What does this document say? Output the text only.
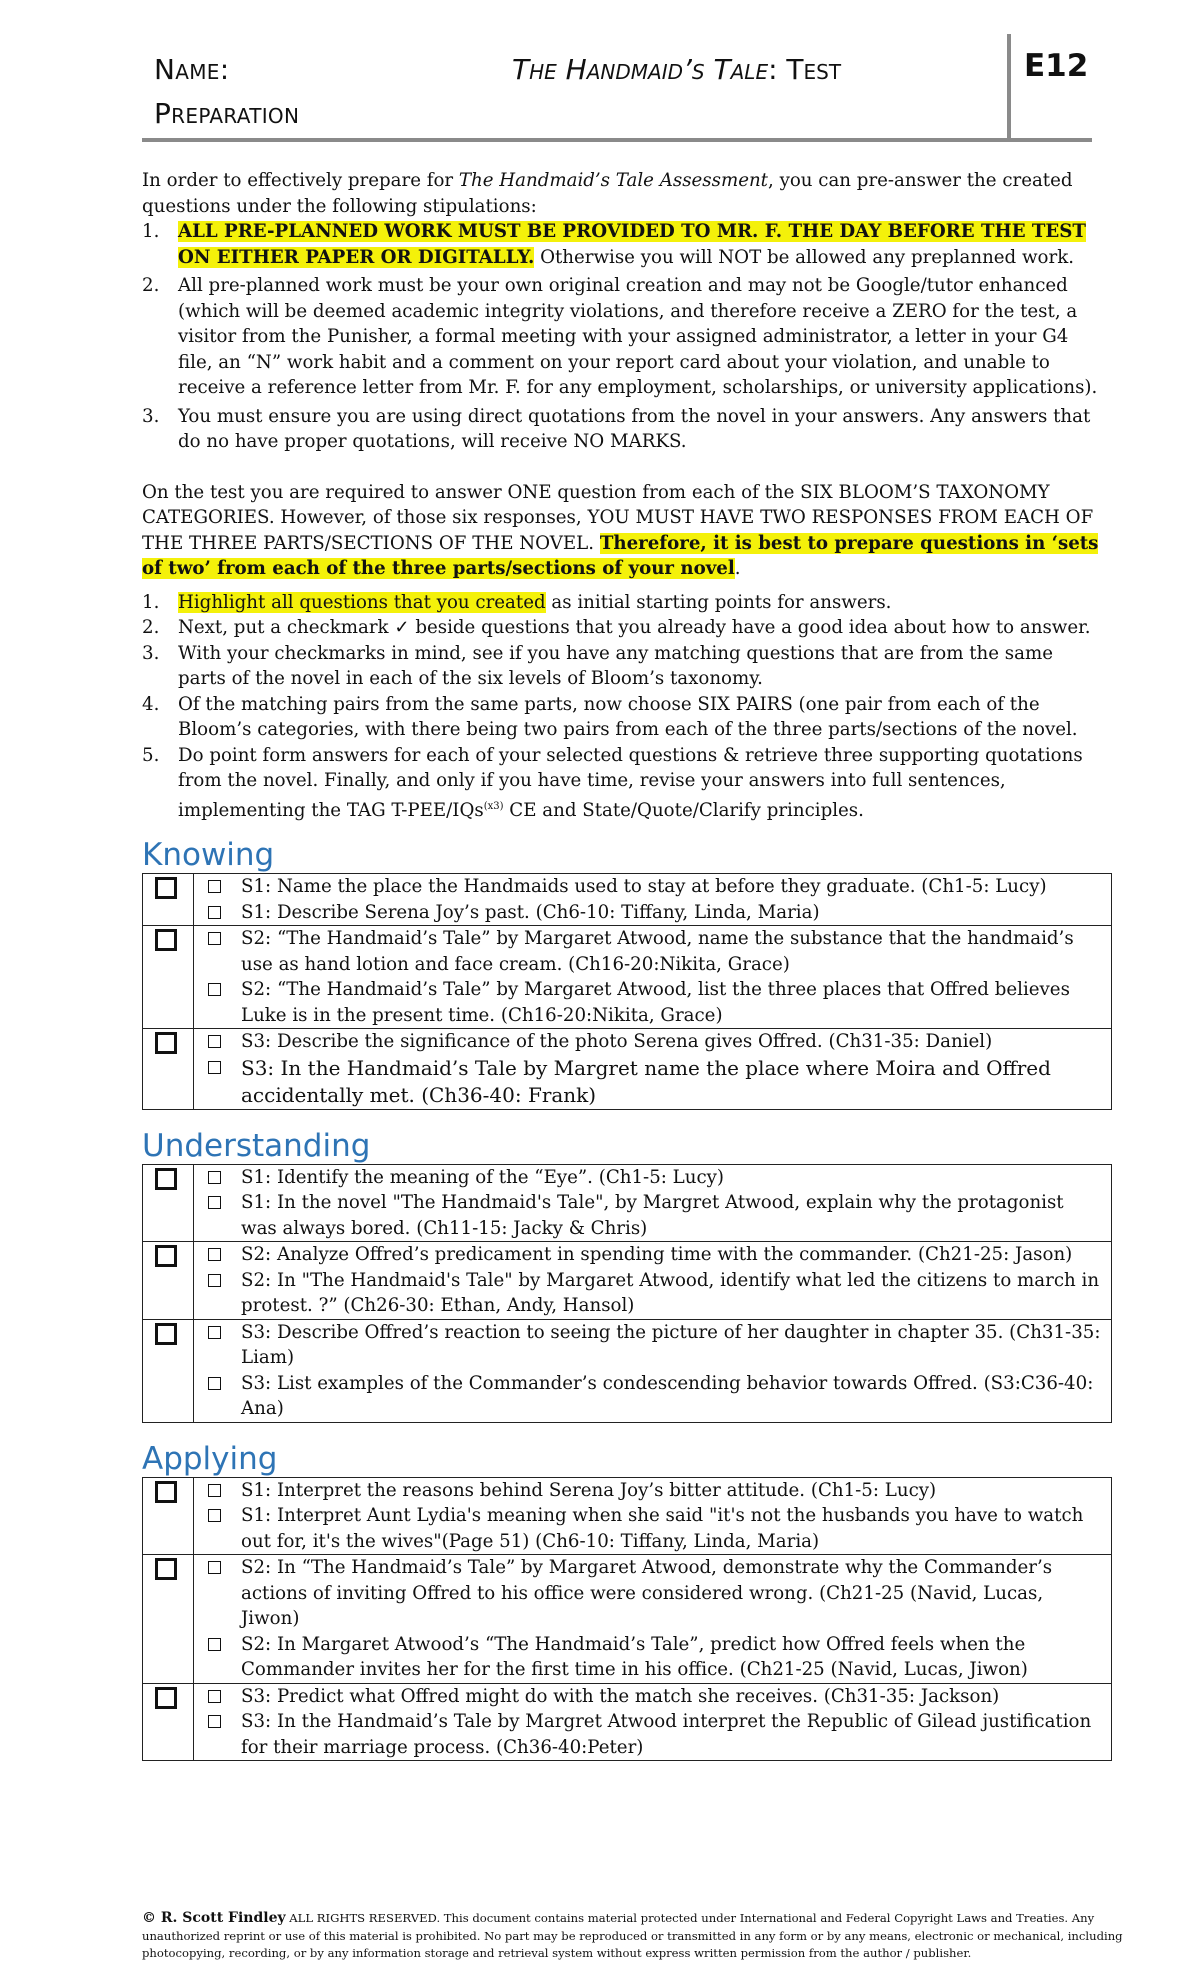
Name:
Preparation
The Handmaid’s Tale: Test	E12

In order to effectively prepare for The Handmaid’s Tale Assessment, you can pre-answer the created questions under the following stipulations:

1. ALL PRE-PLANNED WORK MUST BE PROVIDED TO MR. F. THE DAY BEFORE THE TEST ON EITHER PAPER OR DIGITALLY. Otherwise you will NOT be allowed any preplanned work.
2. All pre-planned work must be your own original creation and may not be Google/tutor enhanced (which will be deemed academic integrity violations, and therefore receive a ZERO for the test, a visitor from the Punisher, a formal meeting with your assigned administrator, a letter in your G4 file, an “N” work habit and a comment on your report card about your violation, and unable to receive a reference letter from Mr. F. for any employment, scholarships, or university applications).
3. You must ensure you are using direct quotations from the novel in your answers. Any answers that do no have proper quotations, will receive NO MARKS.

On the test you are required to answer ONE question from each of the SIX BLOOM’S TAXONOMY CATEGORIES. However, of those six responses, YOU MUST HAVE TWO RESPONSES FROM EACH OF THE THREE PARTS/SECTIONS OF THE NOVEL. Therefore, it is best to prepare questions in ‘sets of two’ from each of the three parts/sections of your novel.

1. Highlight all questions that you created as initial starting points for answers.
2. Next, put a checkmark ✓ beside questions that you already have a good idea about how to answer.
3. With your checkmarks in mind, see if you have any matching questions that are from the same parts of the novel in each of the six levels of Bloom’s taxonomy.
4. Of the matching pairs from the same parts, now choose SIX PAIRS (one pair from each of the Bloom’s categories, with there being two pairs from each of the three parts/sections of the novel.
5. Do point form answers for each of your selected questions & retrieve three supporting quotations from the novel. Finally, and only if you have time, revise your answers into full sentences, implementing the TAG T-PEE/IQs$^{(x3)}$ CE and State/Quote/Clarify principles.
Knowing

S1: Name the place the Handmaids used to stay at before they graduate. (Ch1-5: Lucy)
S1: Describe Serena Joy’s past. (Ch6-10: Tiffany, Linda, Maria)

S2: “The Handmaid’s Tale” by Margaret Atwood, name the substance that the handmaid’s use as hand lotion and face cream. (Ch16-20:Nikita, Grace)
S2: “The Handmaid’s Tale” by Margaret Atwood, list the three places that Offred believes Luke is in the present time. (Ch16-20:Nikita, Grace)

S3: Describe the significance of the photo Serena gives Offred. (Ch31-35: Daniel)
S3: In the Handmaid’s Tale by Margret name the place where Moira and Offred accidentally met. (Ch36-40: Frank)
Understanding

S1: Identify the meaning of the “Eye”. (Ch1-5: Lucy)
S1: In the novel "The Handmaid's Tale", by Margret Atwood, explain why the protagonist was always bored. (Ch11-15: Jacky & Chris)

S2: Analyze Offred’s predicament in spending time with the commander. (Ch21-25: Jason)
S2: In "The Handmaid's Tale" by Margaret Atwood, identify what led the citizens to march in protest. ?” (Ch26-30: Ethan, Andy, Hansol)

S3: Describe Offred’s reaction to seeing the picture of her daughter in chapter 35. (Ch31-35: Liam)
S3: List examples of the Commander’s condescending behavior towards Offred. (S3:C36-40: Ana)
Applying

S1: Interpret the reasons behind Serena Joy’s bitter attitude. (Ch1-5: Lucy)
S1: Interpret Aunt Lydia's meaning when she said "it's not the husbands you have to watch out for, it's the wives"(Page 51) (Ch6-10: Tiffany, Linda, Maria)

S2: In “The Handmaid’s Tale” by Margaret Atwood, demonstrate why the Commander’s actions of inviting Offred to his office were considered wrong. (Ch21-25 (Navid, Lucas, Jiwon)
S2: In Margaret Atwood’s “The Handmaid’s Tale”, predict how Offred feels when the Commander invites her for the first time in his office. (Ch21-25 (Navid, Lucas, Jiwon)

S3: Predict what Offred might do with the match she receives. (Ch31-35: Jackson)
S3: In the Handmaid’s Tale by Margret Atwood interpret the Republic of Gilead justification for their marriage process. (Ch36-40:Peter)
© R. Scott Findley ALL RIGHTS RESERVED. This document contains material protected under International and Federal Copyright Laws and Treaties. Any unauthorized reprint or use of this material is prohibited. No part may be reproduced or transmitted in any form or by any means, electronic or mechanical, including photocopying, recording, or by any information storage and retrieval system without express written permission from the author / publisher.
